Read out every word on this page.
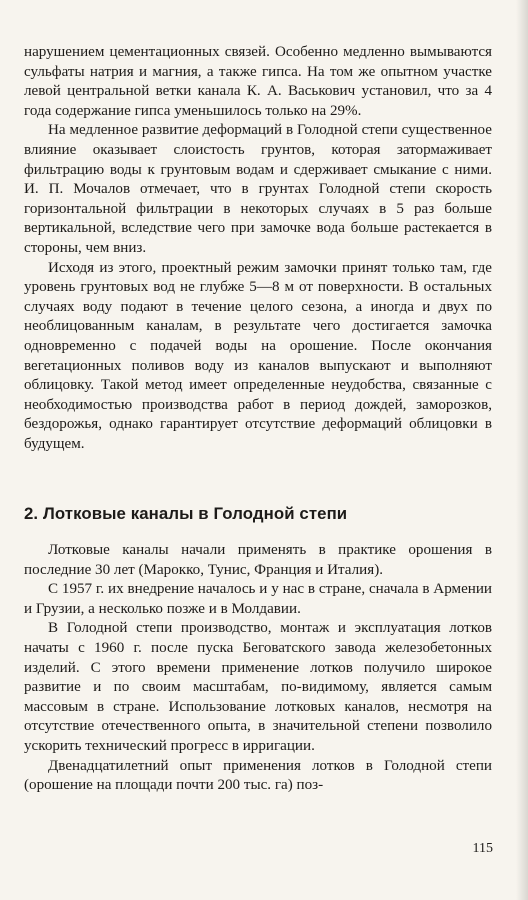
нарушением цементационных связей. Особенно медленно вымываются сульфаты натрия и магния, а также гипса. На том же опытном участке левой центральной ветки канала К. А. Васькович установил, что за 4 года содержание гипса уменьшилось только на 29%.

На медленное развитие деформаций в Голодной степи существенное влияние оказывает слоистость грунтов, которая затормаживает фильтрацию воды к грунтовым водам и сдерживает смыкание с ними. И. П. Мочалов отмечает, что в грунтах Голодной степи скорость горизонтальной фильтрации в некоторых случаях в 5 раз больше вертикальной, вследствие чего при замочке вода больше растекается в стороны, чем вниз.

Исходя из этого, проектный режим замочки принят только там, где уровень грунтовых вод не глубже 5—8 м от поверхности. В остальных случаях воду подают в течение целого сезона, а иногда и двух по необлицованным каналам, в результате чего достигается замочка одновременно с подачей воды на орошение. После окончания вегетационных поливов воду из каналов выпускают и выполняют облицовку. Такой метод имеет определенные неудобства, связанные с необходимостью производства работ в период дождей, заморозков, бездорожья, однако гарантирует отсутствие деформаций облицовки в будущем.

2. Лотковые каналы в Голодной степи

Лотковые каналы начали применять в практике орошения в последние 30 лет (Марокко, Тунис, Франция и Италия).

С 1957 г. их внедрение началось и у нас в стране, сначала в Армении и Грузии, а несколько позже и в Молдавии.

В Голодной степи производство, монтаж и эксплуатация лотков начаты с 1960 г. после пуска Беговатского завода железобетонных изделий. С этого времени применение лотков получило широкое развитие и по своим масштабам, по-видимому, является самым массовым в стране. Использование лотковых каналов, несмотря на отсутствие отечественного опыта, в значительной степени позволило ускорить технический прогресс в ирригации.

Двенадцатилетний опыт применения лотков в Голодной степи (орошение на площади почти 200 тыс. га) поз-

115
